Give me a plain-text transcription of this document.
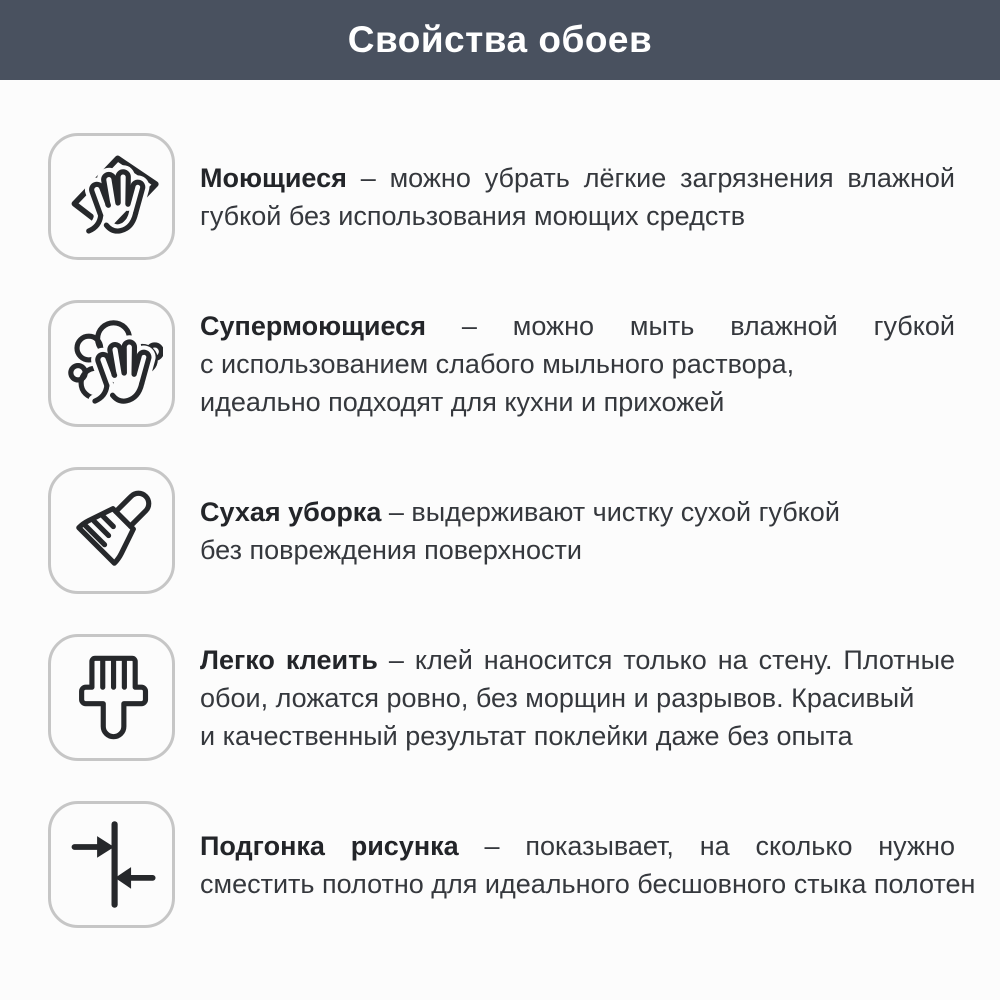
Свойства обоев
Моющиеся – можно убрать лёгкие загрязнения влажной
губкой без использования моющих средств
Супермоющиеся – можно мыть влажной губкой
с использованием слабого мыльного раствора,
идеально подходят для кухни и прихожей
Сухая уборка – выдерживают чистку сухой губкой
без повреждения поверхности
Легко клеить – клей наносится только на стену. Плотные
обои, ложатся ровно, без морщин и разрывов. Красивый
и качественный результат поклейки даже без опыта
Подгонка рисунка – показывает, на сколько нужно
сместить полотно для идеального бесшовного стыка полотен
